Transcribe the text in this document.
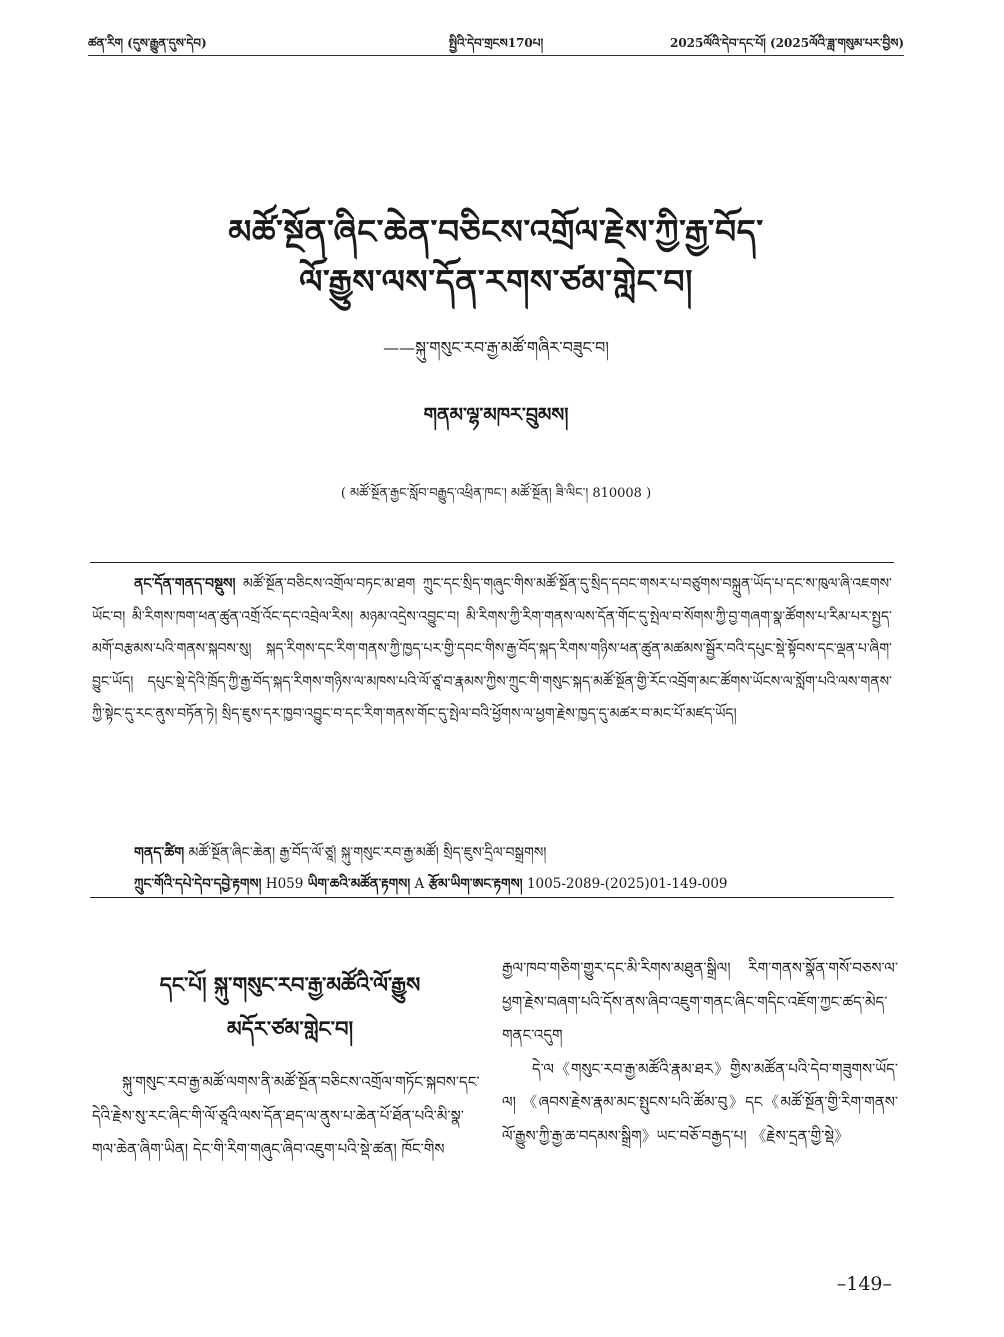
ཚན་རིག (དུས་རྒྱུན་དུས་དེབ)	སྤྱིའི་དེབ་གྲངས170པ།	2025ལོའི་དེབ་དང་པོ། (2025ལོའི་ཟླ་གསུམ་པར་བྱིས)
མཚོ་སྔོན་ཞིང་ཆེན་བཅིངས་འགྲོལ་རྗེས་ཀྱི་རྒྱ་བོད་
ལོ་རྒྱུས་ལས་དོན་རགས་ཙམ་གླེང་བ།
——སྐུ་གསུང་རབ་རྒྱ་མཚོ་གཞིར་བཟུང་བ།
གནམ་ལྷ་མཁར་བྲུམས།
( མཚོ་སྔོན་རྒྱང་སློབ་བརྒྱུད་འཕྲིན་ཁང་། མཚོ་སྔོན། ཟི་ལིང་། 810008 )

ནང་དོན་གནད་བསྡུས། མཚོ་སྔོན་བཅིངས་འགྲོལ་བཏང་མ་ཐག ཀྲུང་དང་སྲིད་གཞུང་གིས་མཚོ་སྔོན་དུ་སྲིད་དབང་གསར་པ་བཙུགས་བསྐྲུན་ཡོད་པ་དང་ས་ཁུལ་ཞི་འཇགས་ཡོང་བ། མི་རིགས་ཁག་ཕན་ཚུན་འགྲོ་འོང་དང་འབྲེལ་རིས། མཉམ་འདྲེས་འབྱུང་བ། མི་རིགས་ཀྱི་རིག་གནས་ལས་དོན་གོང་དུ་སྤེལ་བ་སོགས་ཀྱི་བྱ་གཞག་སྣ་ཚོགས་པ་རིམ་པར་སྤྱད་མགོ་བརྩམས་པའི་གནས་སྐབས་སུ། སྐད་རིགས་དང་རིག་གནས་ཀྱི་ཁྱད་པར་གྱི་དབང་གིས་རྒྱ་བོད་སྐད་རིགས་གཉིས་ཕན་ཚུན་མཚམས་སྦྱོར་བའི་དཔུང་སྡེ་སྟོབས་དང་ལྡན་པ་ཞིག་བྱུང་ཡོད། དཔུང་སྡེ་དེའི་ཁྲོད་ཀྱི་རྒྱ་བོད་སྐད་རིགས་གཉིས་ལ་མཁས་པའི་ལོ་ཙཱ་བ་རྣམས་ཀྱིས་ཀྲུང་གི་གསུང་སྐད་མཚོ་སྔོན་གྱི་རོང་འབྲོག་མང་ཚོགས་ཡོངས་ལ་སློག་པའི་ལས་གནས་ཀྱི་སྟེང་དུ་རང་ནུས་བཏོན་ཏེ། སྲིད་ཇུས་དར་ཁྱབ་འབྱུང་བ་དང་རིག་གནས་གོང་དུ་སྤེལ་བའི་ཕྱོགས་ལ་ཕྱག་རྗེས་ཁྱད་དུ་མཚར་བ་མང་པོ་མཛད་ཡོད།

གནད་ཚིག མཚོ་སྔོན་ཞིང་ཆེན། རྒྱ་བོད་ལོ་ཙཱ། སྐུ་གསུང་རབ་རྒྱ་མཚོ། སྲིད་ཇུས་དྲིལ་བསྒྲགས།
ཀྲུང་གོའི་དཔེ་དེབ་དབྱེ་རྟགས། H059 ཡིག་ཆའི་མཚོན་རྟགས། A རྩོམ་ཡིག་ཨང་རྟགས། 1005-2089-(2025)01-149-009
དང་པོ། སྐུ་གསུང་རབ་རྒྱ་མཚོའི་ལོ་རྒྱུས
མདོར་ཙམ་གླེང་བ།

སྐུ་གསུང་རབ་རྒྱ་མཚོ་ལགས་ནི་མཚོ་སྔོན་བཅིངས་འགྲོལ་གཏོང་སྐབས་དང་དེའི་རྗེས་སུ་རང་ཞིང་གི་ལོ་ཙཱའི་ལས་དོན་ཐད་ལ་ནུས་པ་ཆེན་པོ་ཐོན་པའི་མི་སྣ་གལ་ཆེན་ཞིག་ཡིན། དེང་གི་རིག་གཞུང་ཞིབ་འཇུག་པའི་སྡེ་ཚན། ཁོང་གིས

རྒྱལ་ཁབ་གཅིག་གྱུར་དང་མི་རིགས་མཐུན་སྒྲིལ། རིག་གནས་སྣོན་གསོ་བཅས་ལ་ཕྱག་རྗེས་བཞག་པའི་དོས་ནས་ཞིབ་འཇུག་གནང་ཞིང་གདིང་འཇོག་ཀྱང་ཚད་མེད་གནང་འདུག

དེ་ལ《གསུང་རབ་རྒྱ་མཚོའི་རྣམ་ཐར》གྱིས་མཚོན་པའི་དེབ་གཟུགས་ཡོད་ལ། 《ཞབས་རྗེས་རྣམ་མང་སྤུངས་པའི་ཚོམ་བུ》དང《མཚོ་སྔོན་གྱི་རིག་གནས་ལོ་རྒྱུས་ཀྱི་རྒྱ་ཆ་བདམས་སྒྲིག》ཡང་བཅོ་བརྒྱད་པ། 《རྗེས་དྲན་གྱི་སྡེ》

–149–
